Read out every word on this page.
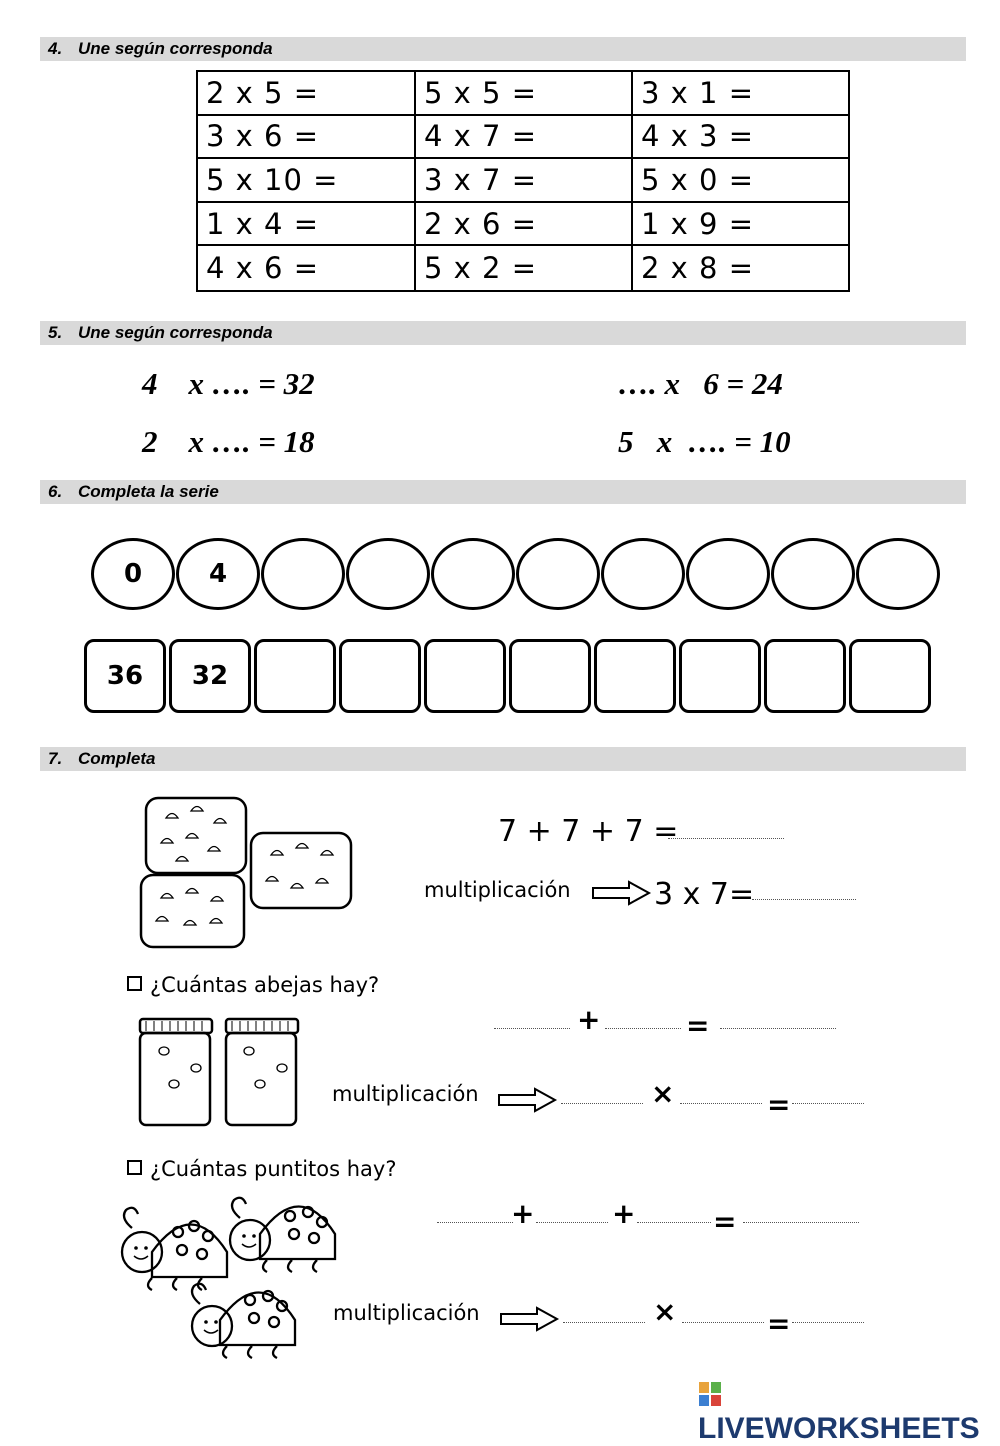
4. Une según corresponda
2 x 5 =	5 x 5 =	3 x 1 =
3 x 6 =	4 x 7 =	4 x 3 =
5 x 10 =	3 x 7 =	5 x 0 =
1 x 4 =	2 x 6 =	1 x 9 =
4 x 6 =	5 x 2 =	2 x 8 =
5. Une según corresponda
4    x …. = 32
2    x …. = 18
…. x   6 = 24
5   x  …. = 10
6. Completa la serie
0	4
36	32
7. Completa
7 + 7 + 7 =
multiplicación	3 x 7=
¿Cuántas abejas hay?
+	=
multiplicación	×	=
¿Cuántas puntitos hay?
+	+	=
multiplicación	×	=
LIVEWORKSHEETS
